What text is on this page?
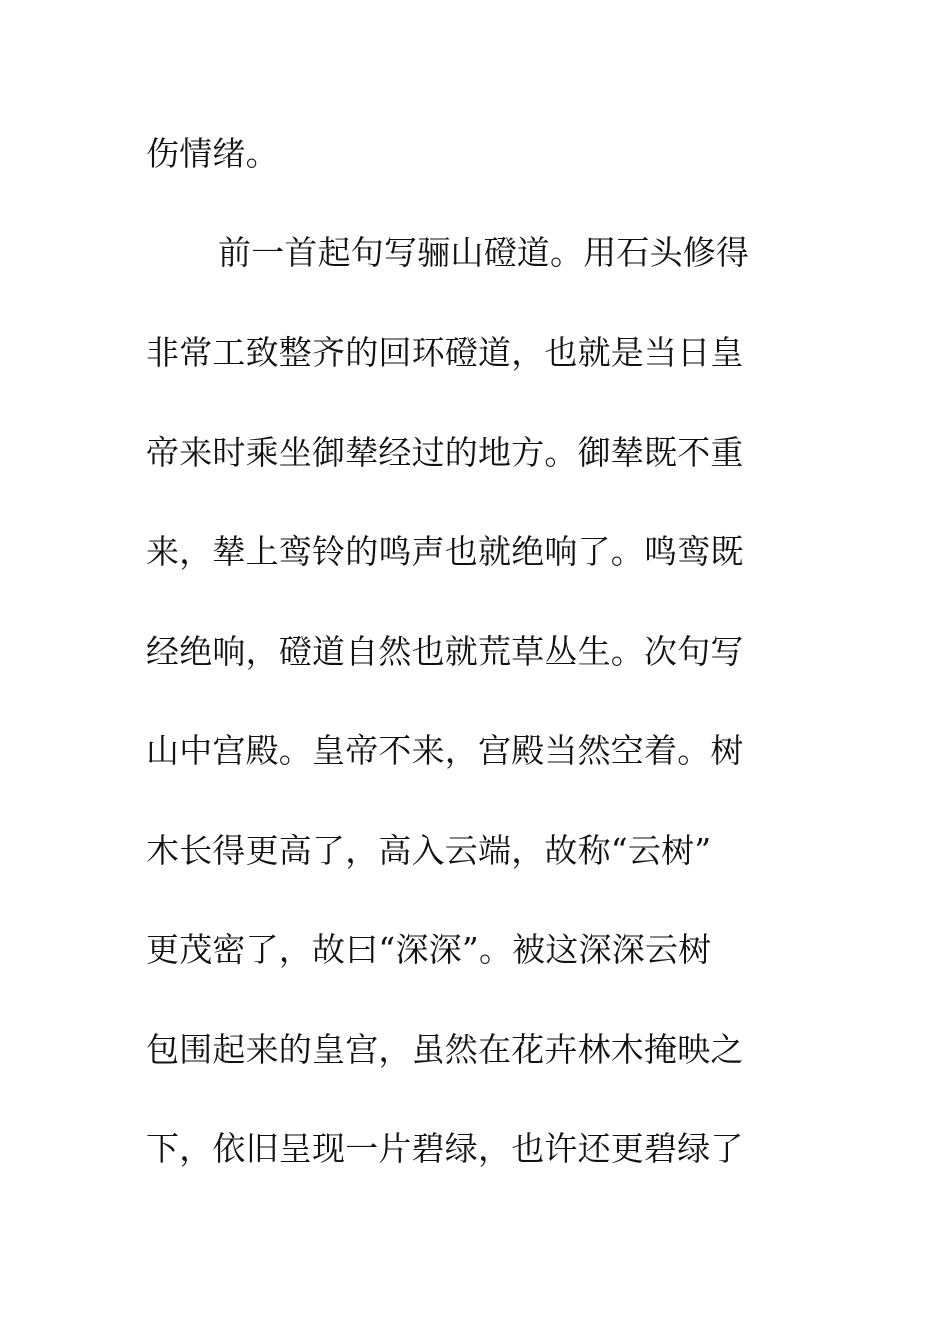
伤情绪。
前一首起句写骊山磴道。用石头修得
非常工致整齐的回环磴道，也就是当日皇
帝来时乘坐御辇经过的地方。御辇既不重
来，辇上鸾铃的鸣声也就绝响了。鸣鸾既
经绝响，磴道自然也就荒草丛生。次句写
山中宫殿。皇帝不来，宫殿当然空着。树
木长得更高了，高入云端，故称“云树”
更茂密了，故曰“深深”。被这深深云树
包围起来的皇宫，虽然在花卉林木掩映之
下，依旧呈现一片碧绿，也许还更碧绿了
